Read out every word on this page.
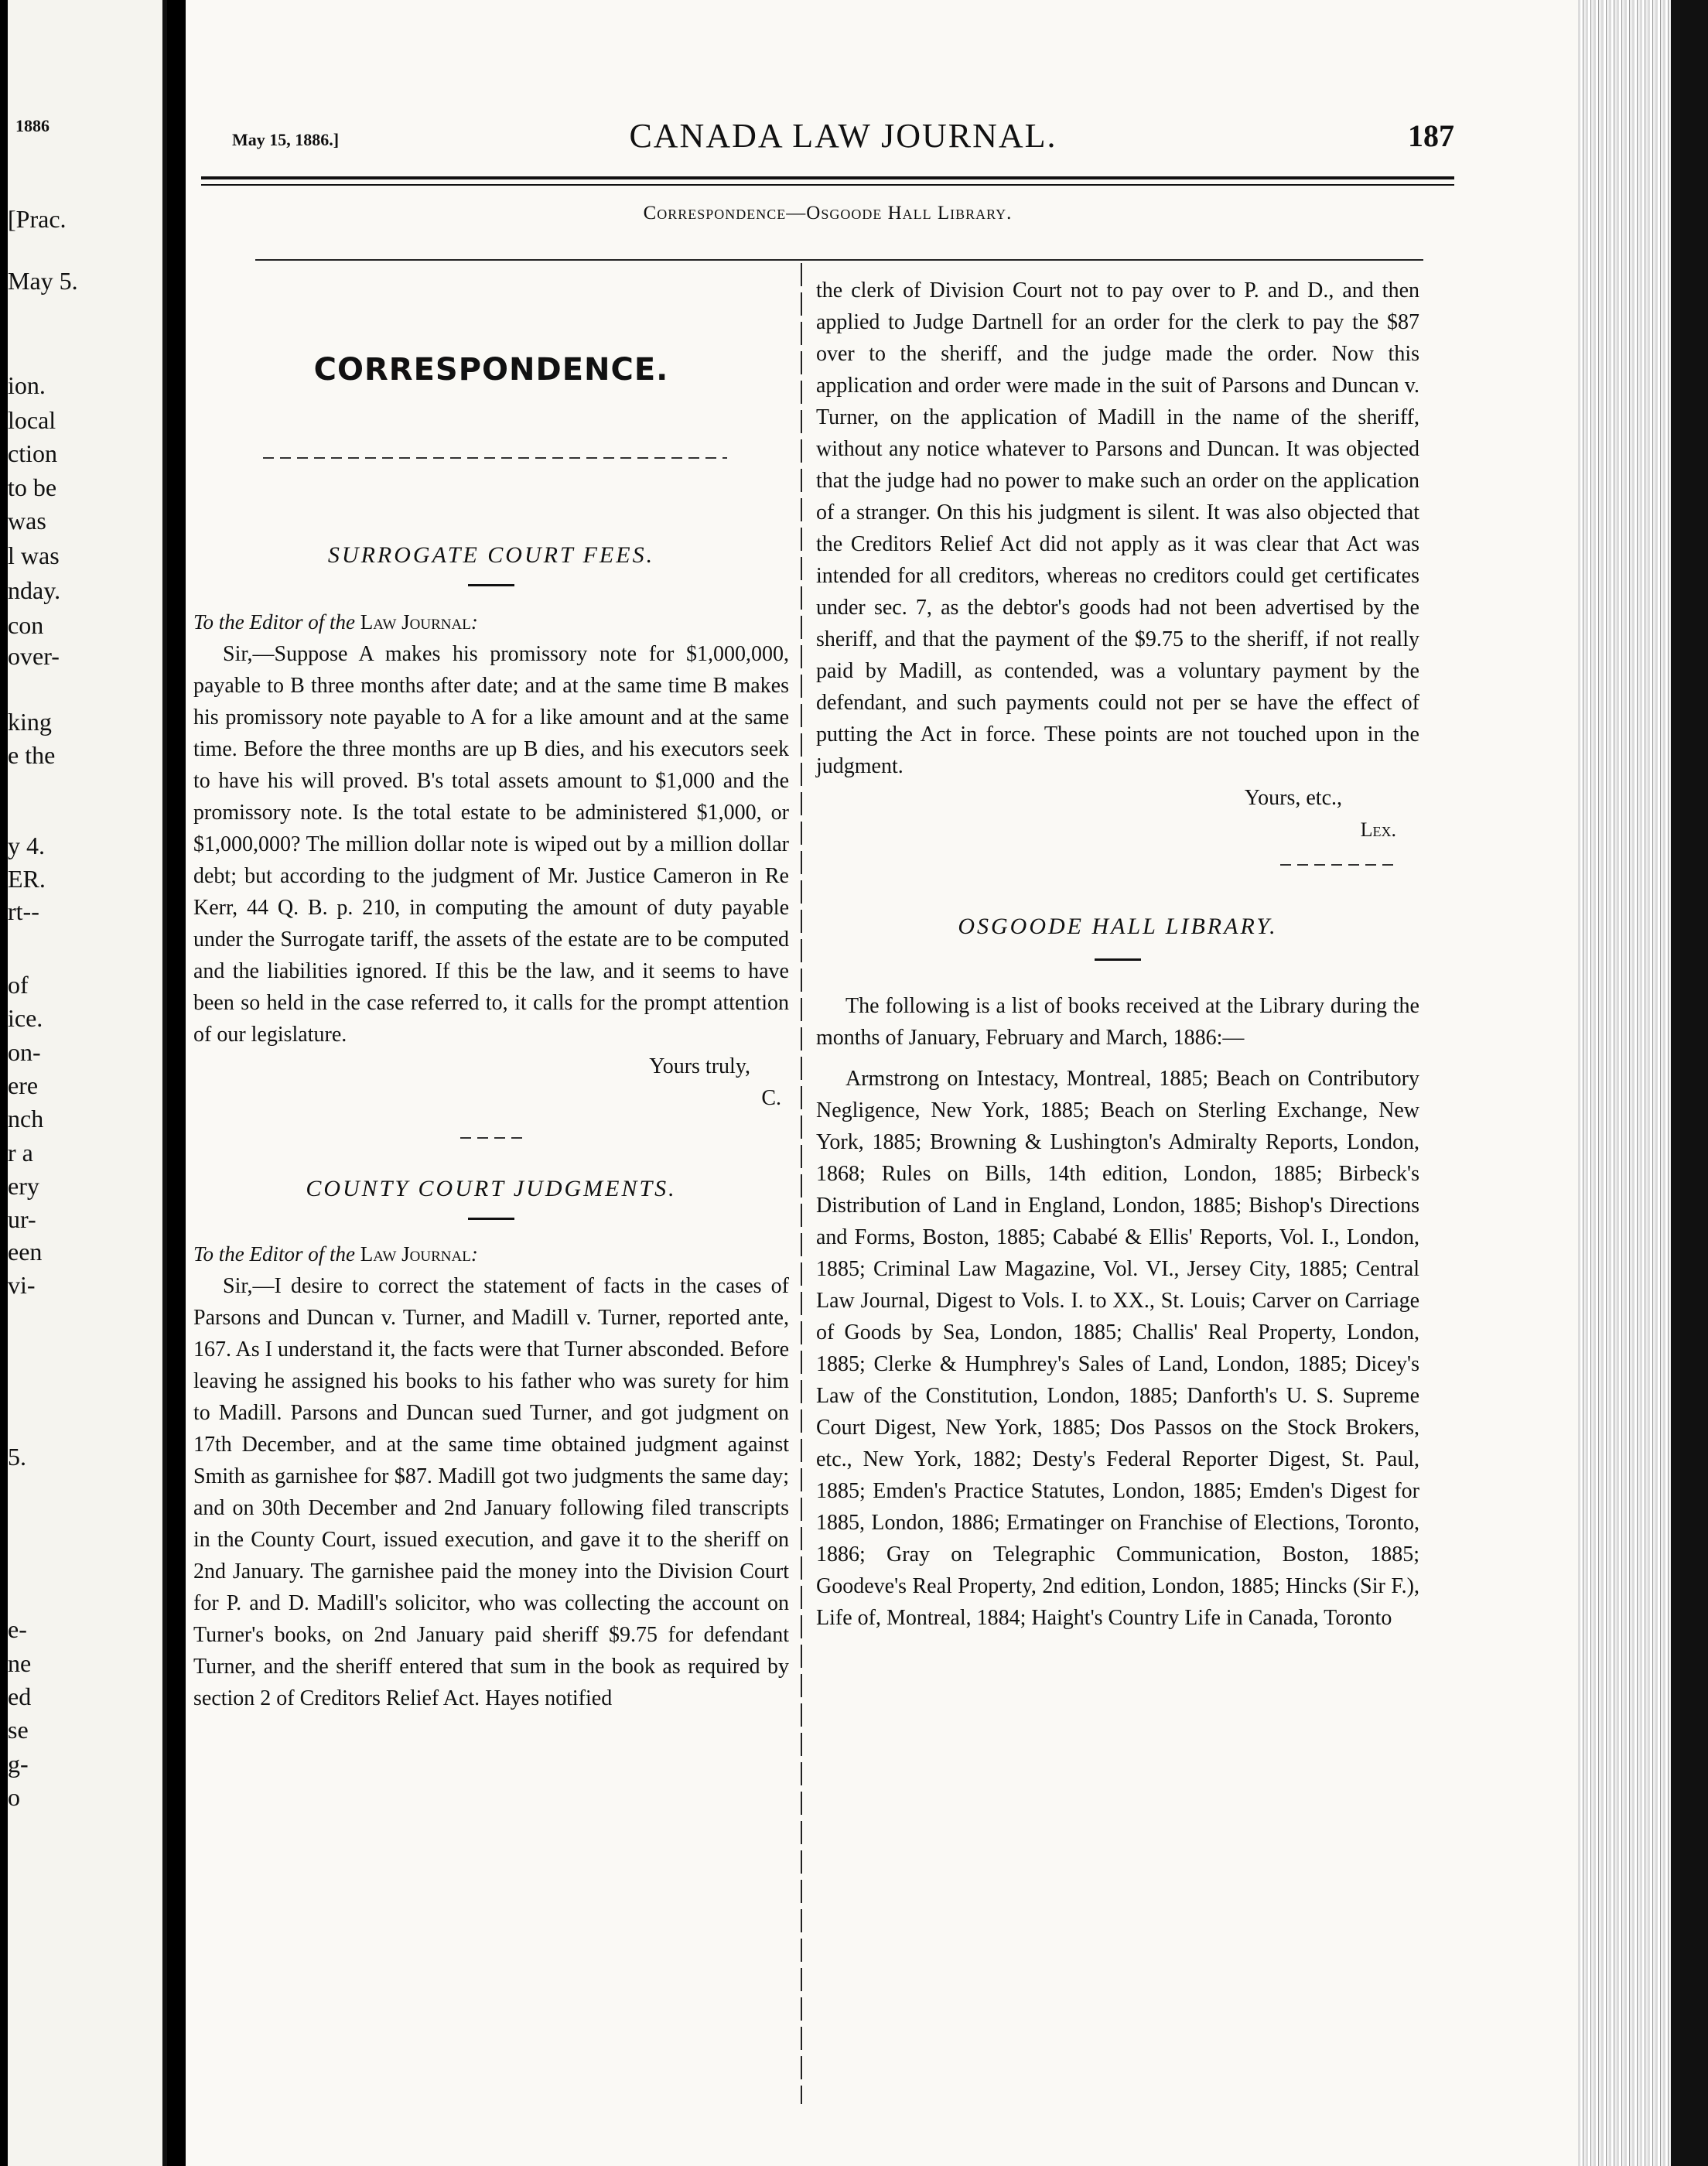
1886
[Prac.
May 5.
ion.
local
ction
to be
was
l was
nday.
con
over-
king
e the
y 4.
ER.
rt--
of
ice.
on-
ere
nch
r a
ery
ur-
een
vi-
5.
e-
ne
ed
se
g-
o
May 15, 1886.]	CANADA LAW JOURNAL.	187
Correspondence—Osgoode Hall Library.

CORRESPONDENCE.

SURROGATE COURT FEES.

To the Editor of the Law Journal:

Sir,—Suppose A makes his promissory note for $1,000,000, payable to B three months after date; and at the same time B makes his promissory note payable to A for a like amount and at the same time. Before the three months are up B dies, and his executors seek to have his will proved. B's total assets amount to $1,000 and the promissory note. Is the total estate to be administered $1,000, or $1,000,000? The million dollar note is wiped out by a million dollar debt; but according to the judgment of Mr. Justice Cameron in Re Kerr, 44 Q. B. p. 210, in computing the amount of duty payable under the Surrogate tariff, the assets of the estate are to be computed and the liabilities ignored. If this be the law, and it seems to have been so held in the case referred to, it calls for the prompt attention of our legislature.

Yours truly,

C.

COUNTY COURT JUDGMENTS.

To the Editor of the Law Journal:

Sir,—I desire to correct the statement of facts in the cases of Parsons and Duncan v. Turner, and Madill v. Turner, reported ante, 167. As I understand it, the facts were that Turner absconded. Before leaving he assigned his books to his father who was surety for him to Madill. Parsons and Duncan sued Turner, and got judgment on 17th December, and at the same time obtained judgment against Smith as garnishee for $87. Madill got two judgments the same day; and on 30th December and 2nd January following filed transcripts in the County Court, issued execution, and gave it to the sheriff on 2nd January. The garnishee paid the money into the Division Court for P. and D. Madill's solicitor, who was collecting the account on Turner's books, on 2nd January paid sheriff $9.75 for defendant Turner, and the sheriff entered that sum in the book as required by section 2 of Creditors Relief Act. Hayes notified

the clerk of Division Court not to pay over to P. and D., and then applied to Judge Dartnell for an order for the clerk to pay the $87 over to the sheriff, and the judge made the order. Now this application and order were made in the suit of Parsons and Duncan v. Turner, on the application of Madill in the name of the sheriff, without any notice whatever to Parsons and Duncan. It was objected that the judge had no power to make such an order on the application of a stranger. On this his judgment is silent. It was also objected that the Creditors Relief Act did not apply as it was clear that Act was intended for all creditors, whereas no creditors could get certificates under sec. 7, as the debtor's goods had not been advertised by the sheriff, and that the payment of the $9.75 to the sheriff, if not really paid by Madill, as contended, was a voluntary payment by the defendant, and such payments could not per se have the effect of putting the Act in force. These points are not touched upon in the judgment.

Yours, etc.,

Lex.

OSGOODE HALL LIBRARY.

The following is a list of books received at the Library during the months of January, February and March, 1886:—

Armstrong on Intestacy, Montreal, 1885; Beach on Contributory Negligence, New York, 1885; Beach on Sterling Exchange, New York, 1885; Browning & Lushington's Admiralty Reports, London, 1868; Rules on Bills, 14th edition, London, 1885; Birbeck's Distribution of Land in England, London, 1885; Bishop's Directions and Forms, Boston, 1885; Cababé & Ellis' Reports, Vol. I., London, 1885; Criminal Law Magazine, Vol. VI., Jersey City, 1885; Central Law Journal, Digest to Vols. I. to XX., St. Louis; Carver on Carriage of Goods by Sea, London, 1885; Challis' Real Property, London, 1885; Clerke & Humphrey's Sales of Land, London, 1885; Dicey's Law of the Constitution, London, 1885; Danforth's U. S. Supreme Court Digest, New York, 1885; Dos Passos on the Stock Brokers, etc., New York, 1882; Desty's Federal Reporter Digest, St. Paul, 1885; Emden's Practice Statutes, London, 1885; Emden's Digest for 1885, London, 1886; Ermatinger on Franchise of Elections, Toronto, 1886; Gray on Telegraphic Communication, Boston, 1885; Goodeve's Real Property, 2nd edition, London, 1885; Hincks (Sir F.), Life of, Montreal, 1884; Haight's Country Life in Canada, Toronto
